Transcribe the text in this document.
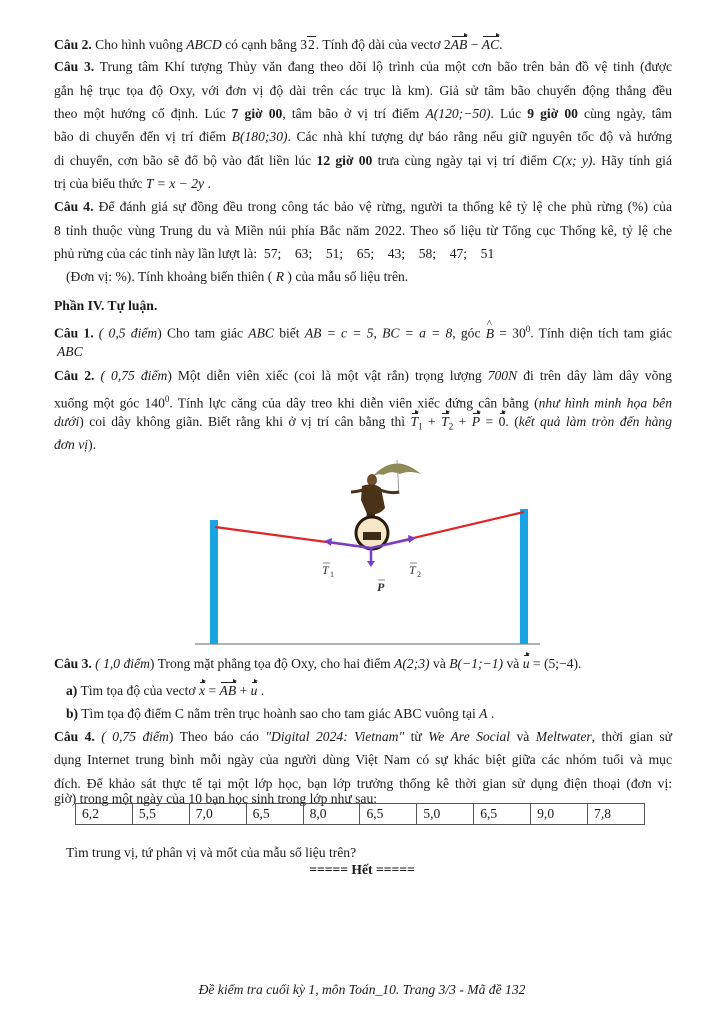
Câu 2. Cho hình vuông ABCD có cạnh bằng 32. Tính độ dài của vectơ 2AB − AC.
Câu 3. Trung tâm Khí tượng Thủy văn đang theo dõi lộ trình của một cơn bão trên bản đồ vệ tinh (được
gắn hệ trục tọa độ Oxy, với đơn vị độ dài trên các trục là km). Giả sử tâm bão chuyển động thẳng đều
theo một hướng cố định. Lúc 7 giờ 00, tâm bão ở vị trí điểm A(120;−50). Lúc 9 giờ 00 cùng ngày, tâm
bão di chuyển đến vị trí điểm B(180;30). Các nhà khí tượng dự báo rằng nếu giữ nguyên tốc độ và hướng
di chuyển, cơn bão sẽ đổ bộ vào đất liền lúc 12 giờ 00 trưa cùng ngày tại vị trí điểm C(x; y). Hãy tính giá
trị của biểu thức T = x − 2y .
Câu 4. Để đánh giá sự đồng đều trong công tác bảo vệ rừng, người ta thống kê tỷ lệ che phủ rừng (%) của
8 tỉnh thuộc vùng Trung du và Miền núi phía Bắc năm 2022. Theo số liệu từ Tổng cục Thống kê, tỷ lệ che
phủ rừng của các tỉnh này lần lượt là:  57;    63;    51;    65;    43;    58;    47;    51
(Đơn vị: %). Tính khoảng biến thiên ( R ) của mẫu số liệu trên.
Phần IV. Tự luận.
Câu 1. ( 0,5 điểm) Cho tam giác ABC biết AB = c = 5, BC = a = 8, góc ^ $B = 30^0$. Tính diện tích tam giác
ABC
Câu 2. ( 0,75 điểm) Một diễn viên xiếc (coi là một vật rắn) trọng lượng 700N đi trên dây làm dây võng
xuống một góc $140^0$. Tính lực căng của dây treo khi diễn viên xiếc đứng cân bằng (như hình minh họa bên
dưới) coi dây không giãn. Biết rằng khi ở vị trí cân bằng thì $T_1 + T_2 + P = 0$. (kết quả làm tròn đến hàng
đơn vị).
T 1	T 2
P
Câu 3. ( 1,0 điểm) Trong mặt phẳng tọa độ Oxy, cho hai điểm A(2;3) và B(−1;−1) và u = (5;−4).
a) Tìm tọa độ của vectơ x = AB + u .
b) Tìm tọa độ điểm C nằm trên trục hoành sao cho tam giác ABC vuông tại A .
Câu 4. ( 0,75 điểm) Theo báo cáo "Digital 2024: Vietnam" từ We Are Social và Meltwater, thời gian sử
dụng Internet trung bình mỗi ngày của người dùng Việt Nam có sự khác biệt giữa các nhóm tuổi và mục
đích. Để khảo sát thực tế tại một lớp học, bạn lớp trưởng thống kê thời gian sử dụng điện thoại (đơn vị:
giờ) trong một ngày của 10 bạn học sinh trong lớp như sau:
6,2	5,5	7,0	6,5	8,0	6,5	5,0	6,5	9,0	7,8
Tìm trung vị, tứ phân vị và mốt của mẫu số liệu trên?
===== Hết =====
Đề kiểm tra cuối kỳ 1, môn Toán_10. Trang 3/3 - Mã đề 132
